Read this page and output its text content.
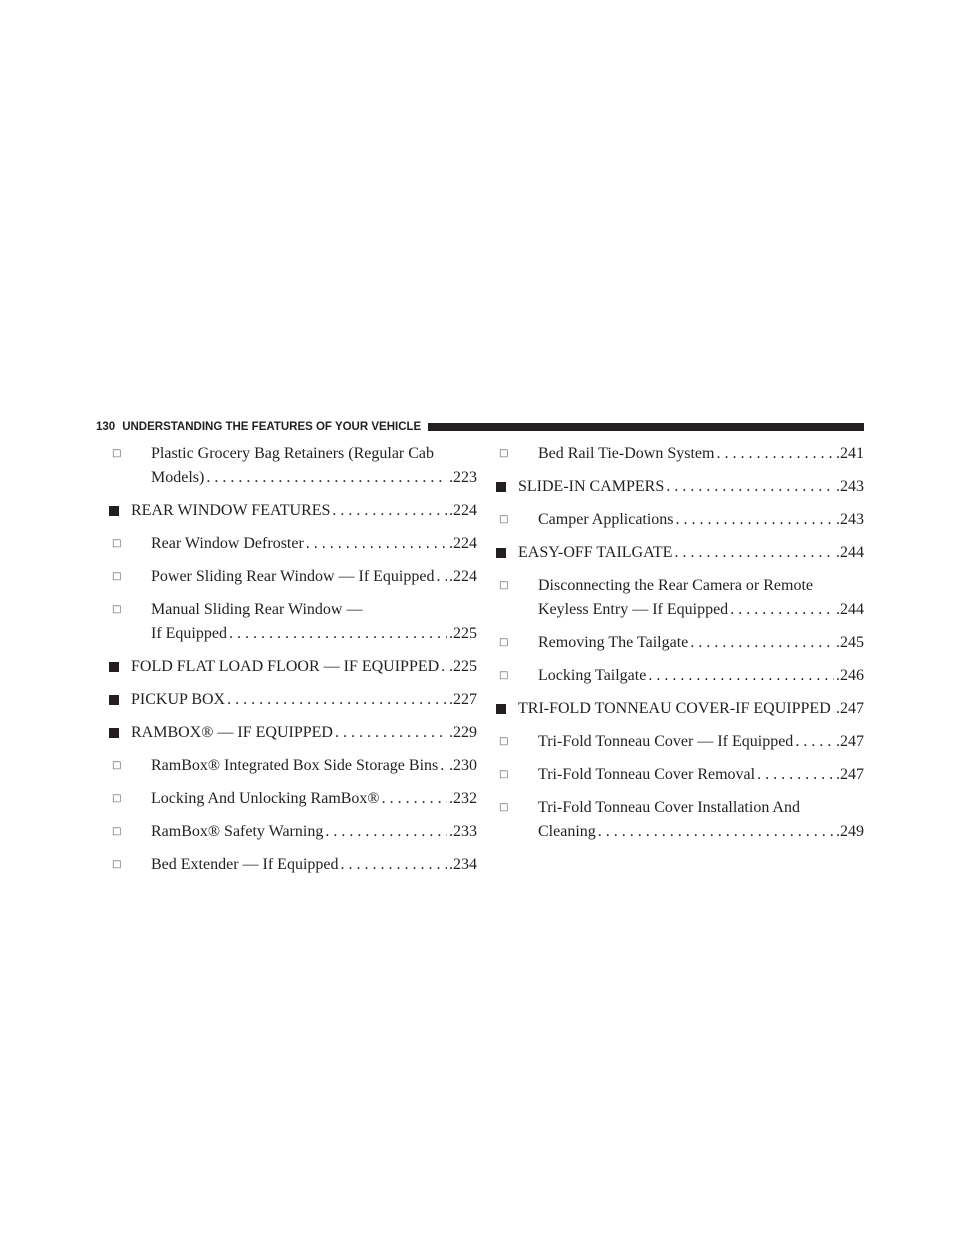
130 UNDERSTANDING THE FEATURES OF YOUR VEHICLE
□ Plastic Grocery Bag Retainers (Regular Cab
Models) . . .	.223
REAR WINDOW FEATURES . . .	.224
□ Rear Window Defroster . . .	.224
□ Power Sliding Rear Window — If Equipped . . . .224
□ Manual Sliding Rear Window —
If Equipped . . .	.225
FOLD FLAT LOAD FLOOR — IF EQUIPPED . . . .225
PICKUP BOX . . .	.227
RAMBOX® — IF EQUIPPED . . .	.229
□ RamBox® Integrated Box Side Storage Bins . . . .230
□ Locking And Unlocking RamBox® . . .	.232
□ RamBox® Safety Warning . . .	.233
□ Bed Extender — If Equipped . . .	.234
□ Bed Rail Tie-Down System . . .	.241
SLIDE-IN CAMPERS . . .	.243
□ Camper Applications . . .	.243
EASY-OFF TAILGATE . . .	.244
□ Disconnecting the Rear Camera or Remote
Keyless Entry — If Equipped . . .	.244
□ Removing The Tailgate . . .	.245
□ Locking Tailgate . . .	.246
TRI-FOLD TONNEAU COVER-IF EQUIPPED . . . .247
□ Tri-Fold Tonneau Cover — If Equipped . . .	.247
□ Tri-Fold Tonneau Cover Removal . . .	.247
□ Tri-Fold Tonneau Cover Installation And
Cleaning . . .	.249
